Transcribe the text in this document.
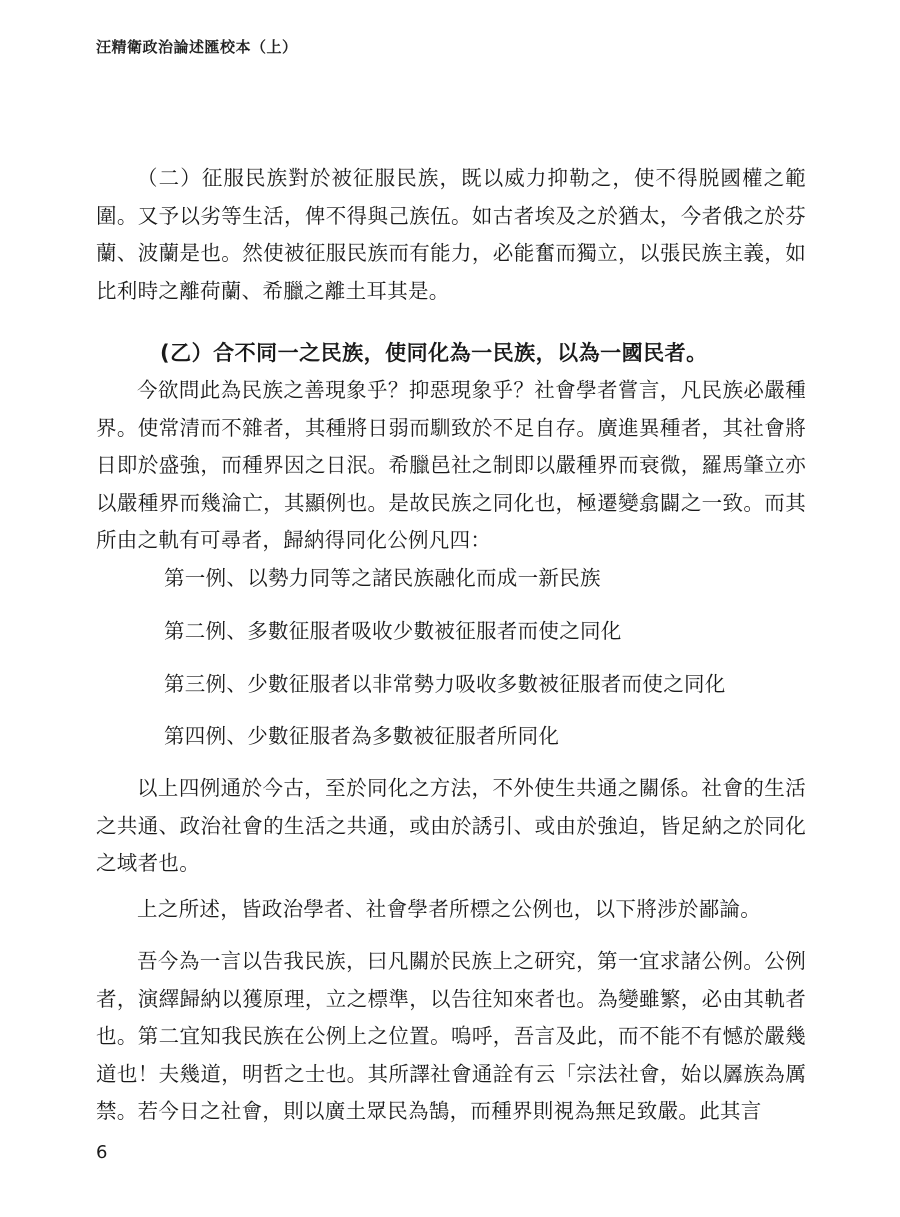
汪精衛政治論述匯校本（上）

（二）征服民族對於被征服民族，既以威力抑勒之，使不得脱國權之範圍。又予以劣等生活，俾不得與己族伍。如古者埃及之於猶太，今者俄之於芬蘭、波蘭是也。然使被征服民族而有能力，必能奮而獨立，以張民族主義，如比利時之離荷蘭、希臘之離土耳其是。

(乙）合不同一之民族，使同化為一民族，以為一國民者。

今欲問此為民族之善現象乎？抑惡現象乎？社會學者嘗言，凡民族必嚴種界。使常清而不雜者，其種將日弱而馴致於不足自存。廣進異種者，其社會將日即於盛強，而種界因之日泯。希臘邑社之制即以嚴種界而衰微，羅馬肇立亦以嚴種界而幾淪亡，其顯例也。是故民族之同化也，極遷變翕闢之一致。而其所由之軌有可尋者，歸納得同化公例凡四：

第一例、以勢力同等之諸民族融化而成一新民族

第二例、多數征服者吸收少數被征服者而使之同化

第三例、少數征服者以非常勢力吸收多數被征服者而使之同化

第四例、少數征服者為多數被征服者所同化

以上四例通於今古，至於同化之方法，不外使生共通之關係。社會的生活之共通、政治社會的生活之共通，或由於誘引、或由於強迫，皆足納之於同化之域者也。

上之所述，皆政治學者、社會學者所標之公例也，以下將涉於鄙論。

吾今為一言以告我民族，曰凡關於民族上之研究，第一宜求諸公例。公例者，演繹歸納以獲原理，立之標準，以告往知來者也。為變雖繁，必由其軌者也。第二宜知我民族在公例上之位置。嗚呼，吾言及此，而不能不有憾於嚴幾道也！夫幾道，明哲之士也。其所譯社會通詮有云「宗法社會，始以羼族為厲禁。若今日之社會，則以廣土眾民為鵠，而種界則視為無足致嚴。此其言

6
